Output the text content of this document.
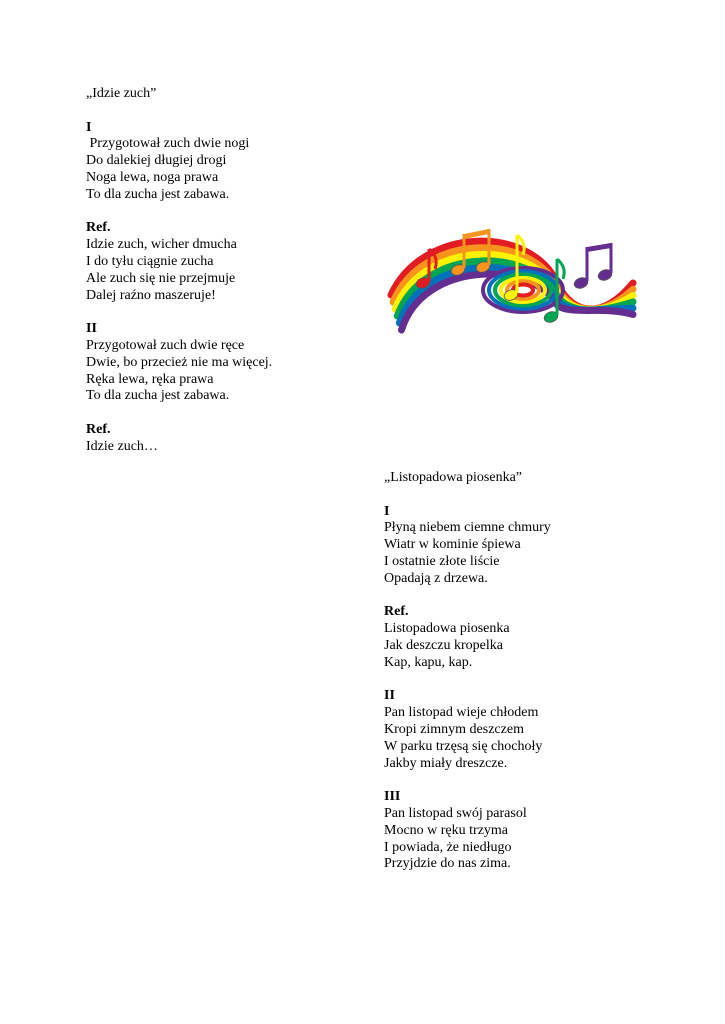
„Idzie zuch”
I
Przygotował zuch dwie nogi
Do dalekiej długiej drogi
Noga lewa, noga prawa
To dla zucha jest zabawa.
Ref.
Idzie zuch, wicher dmucha
I do tyłu ciągnie zucha
Ale zuch się nie przejmuje
Dalej raźno maszeruje!
II
Przygotował zuch dwie ręce
Dwie, bo przecież nie ma więcej.
Ręka lewa, ręka prawa
To dla zucha jest zabawa.
Ref.
Idzie zuch…
„Listopadowa piosenka”
I
Płyną niebem ciemne chmury
Wiatr w kominie śpiewa
I ostatnie złote liście
Opadają z drzewa.
Ref.
Listopadowa piosenka
Jak deszczu kropelka
Kap, kapu, kap.
II
Pan listopad wieje chłodem
Kropi zimnym deszczem
W parku trzęsą się chochoły
Jakby miały dreszcze.
III
Pan listopad swój parasol
Mocno w ręku trzyma
I powiada, że niedługo
Przyjdzie do nas zima.
